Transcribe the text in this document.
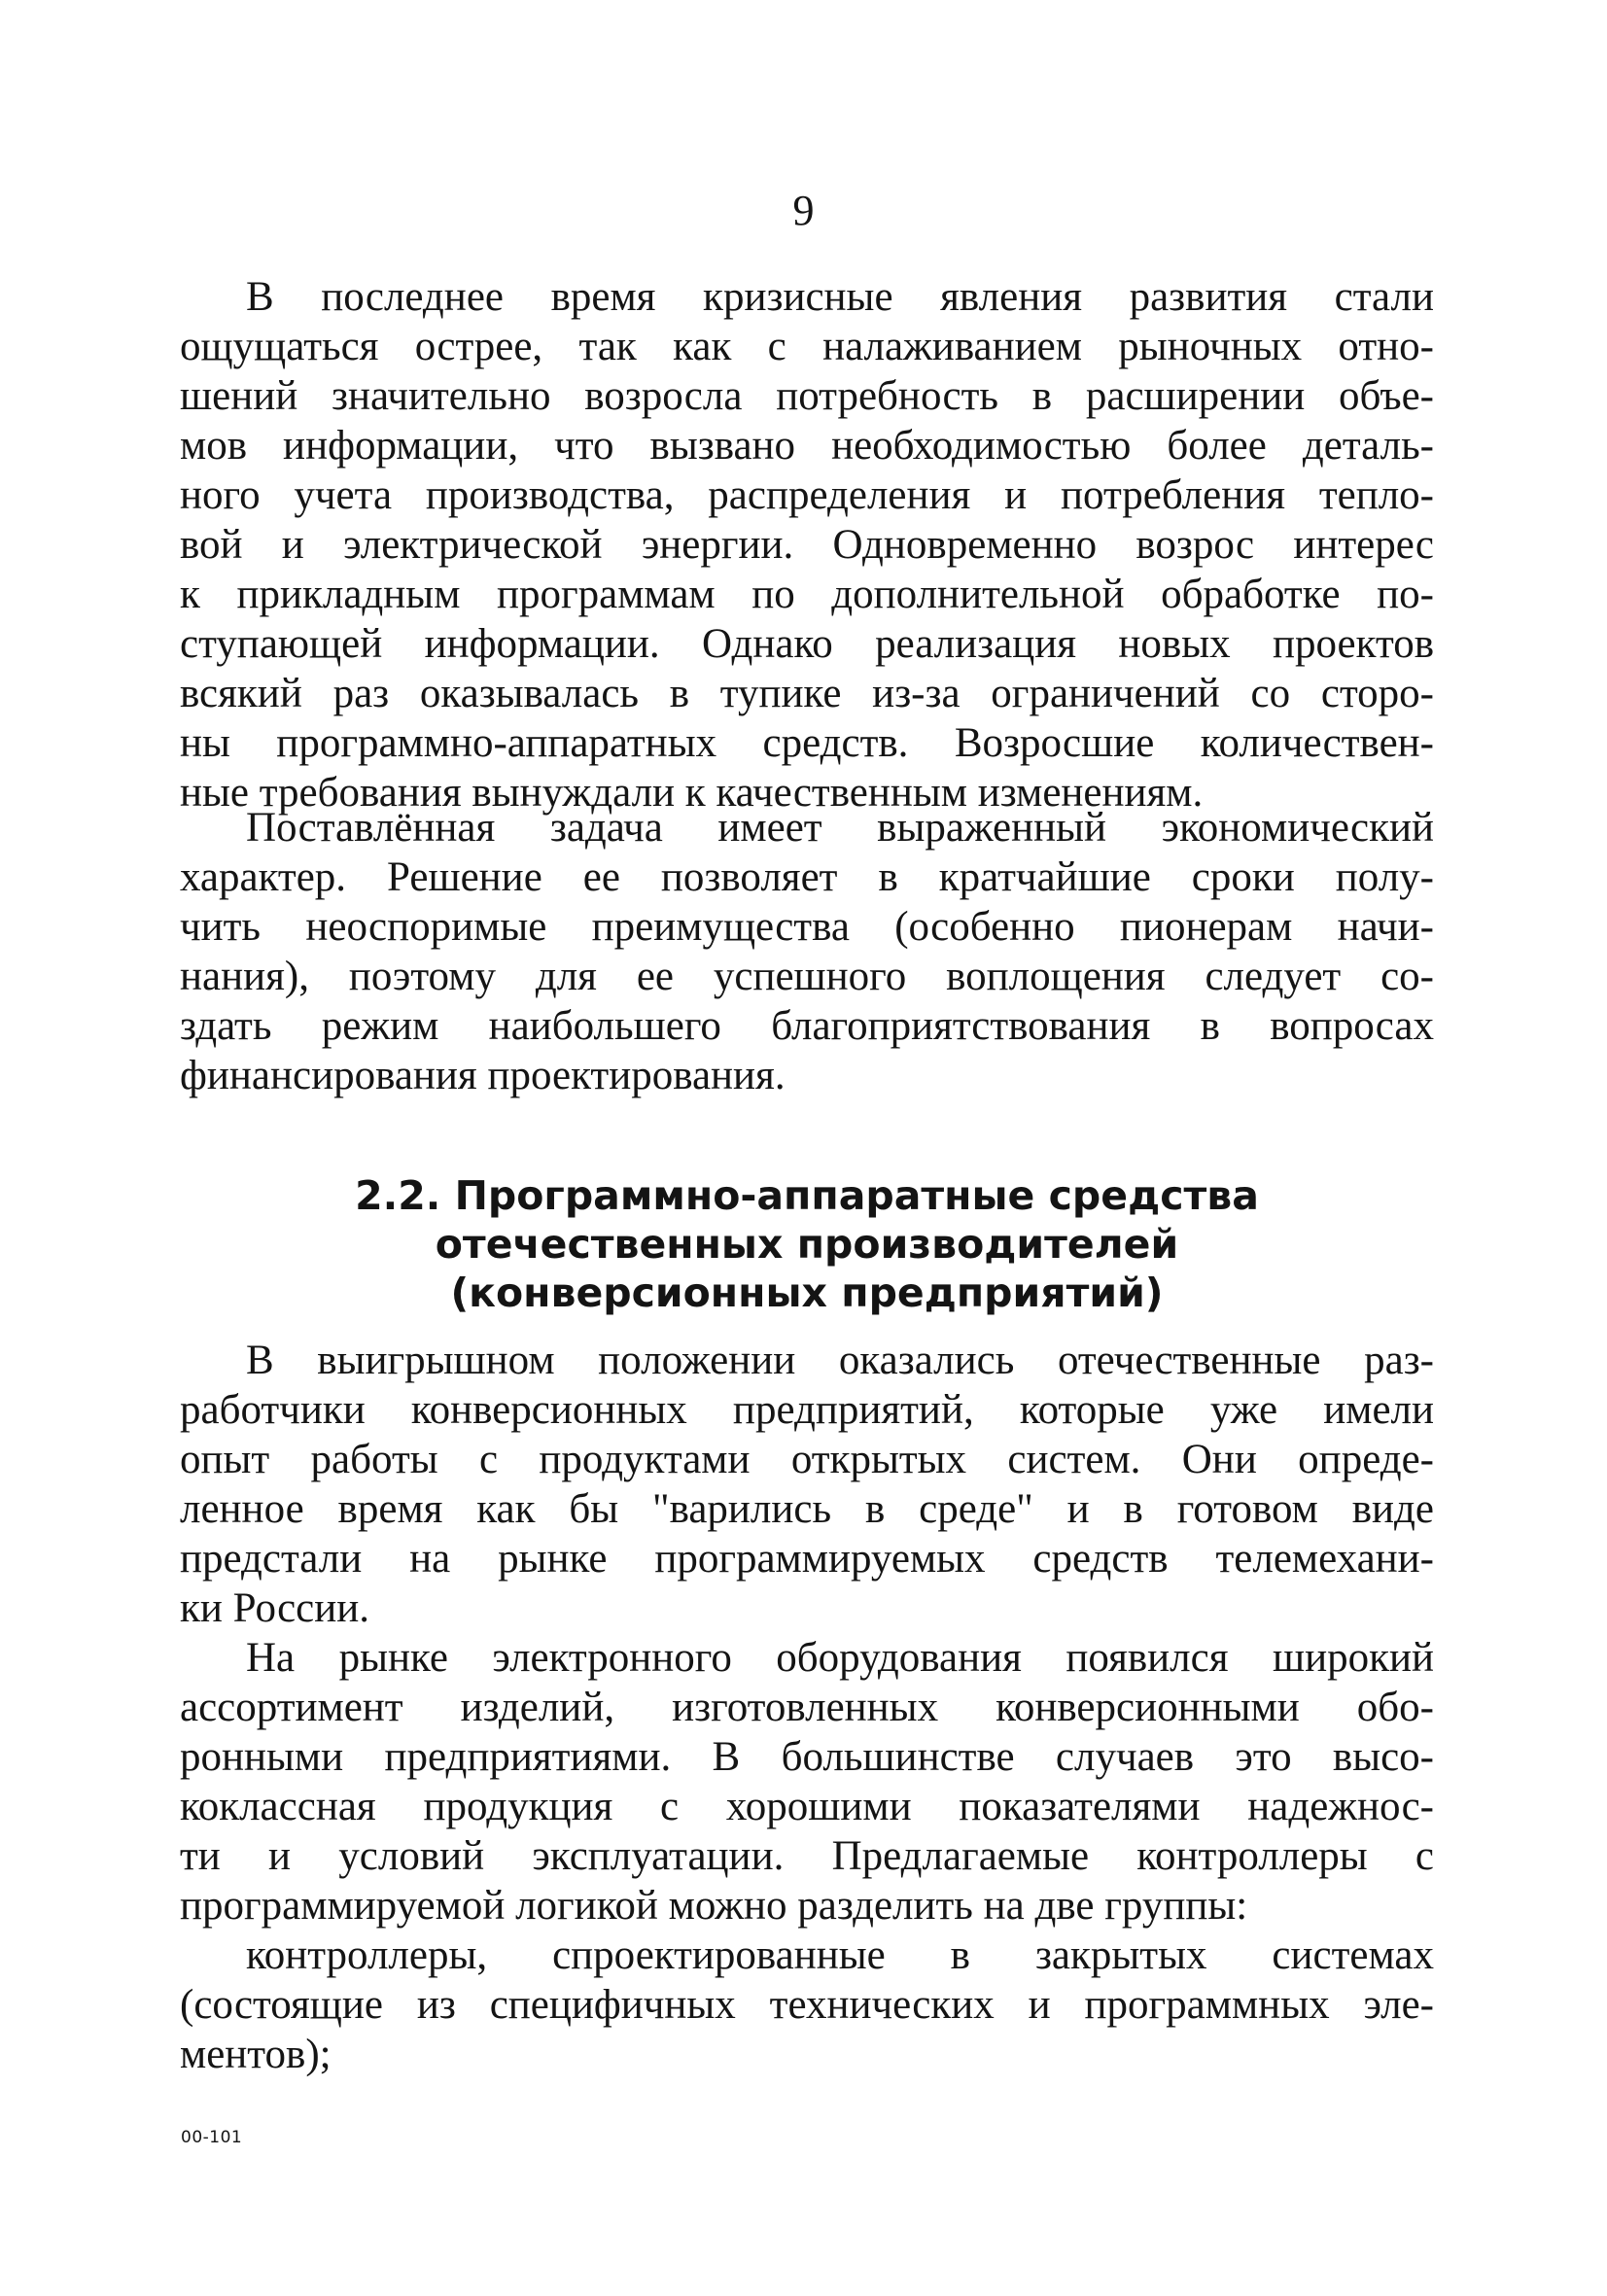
9
В последнее время кризисные явления развития стали
ощущаться острее, так как с налаживанием рыночных отно-
шений значительно возросла потребность в расширении объе-
мов информации, что вызвано необходимостью более деталь-
ного учета производства, распределения и потребления тепло-
вой и электрической энергии. Одновременно возрос интерес
к прикладным программам по дополнительной обработке по-
ступающей информации. Однако реализация новых проектов
всякий раз оказывалась в тупике из-за ограничений со сторо-
ны программно-аппаратных средств. Возросшие количествен-
ные требования вынуждали к качественным изменениям.
Поставлённая задача имеет выраженный экономический
характер. Решение ее позволяет в кратчайшие сроки полу-
чить неоспоримые преимущества (особенно пионерам начи-
нания), поэтому для ее успешного воплощения следует со-
здать режим наибольшего благоприятствования в вопросах
финансирования проектирования.
2.2. Программно-аппаратные средства
отечественных производителей
(конверсионных предприятий)
В выигрышном положении оказались отечественные раз-
работчики конверсионных предприятий, которые уже имели
опыт работы с продуктами открытых систем. Они опреде-
ленное время как бы "варились в среде" и в готовом виде
предстали на рынке программируемых средств телемехани-
ки России.
На рынке электронного оборудования появился широкий
ассортимент изделий, изготовленных конверсионными обо-
ронными предприятиями. В большинстве случаев это высо-
коклассная продукция с хорошими показателями надежнос-
ти и условий эксплуатации. Предлагаемые контроллеры с
программируемой логикой можно разделить на две группы:
контроллеры, спроектированные в закрытых системах
(состоящие из специфичных технических и программных эле-
ментов);
00-101
